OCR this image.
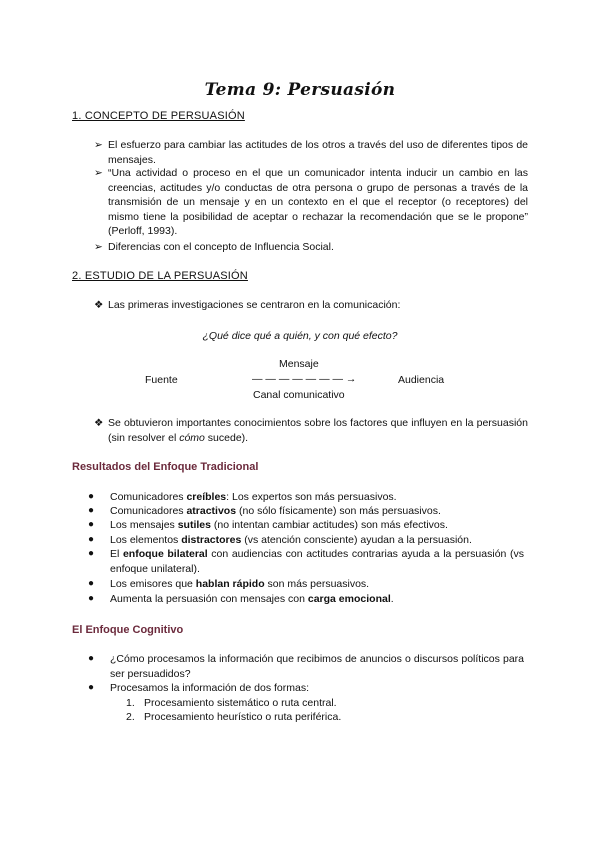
Tema 9: Persuasión
1. CONCEPTO DE PERSUASIÓN
➢ El esfuerzo para cambiar las actitudes de los otros a través del uso de diferentes tipos de mensajes.
➢ “Una actividad o proceso en el que un comunicador intenta inducir un cambio en las creencias, actitudes y/o conductas de otra persona o grupo de personas a través de la transmisión de un mensaje y en un contexto en el que el receptor (o receptores) del mismo tiene la posibilidad de aceptar o rechazar la recomendación que se le propone” (Perloff, 1993).
➢ Diferencias con el concepto de Influencia Social.
2. ESTUDIO DE LA PERSUASIÓN
❖ Las primeras investigaciones se centraron en la comunicación:
¿Qué dice qué a quién, y con qué efecto?
Mensaje
Fuente	— — — — — — — →	Audiencia
Canal comunicativo
❖ Se obtuvieron importantes conocimientos sobre los factores que influyen en la persuasión (sin resolver el cómo sucede).
Resultados del Enfoque Tradicional
●	Comunicadores creíbles: Los expertos son más persuasivos.
●	Comunicadores atractivos (no sólo físicamente) son más persuasivos.
●	Los mensajes sutiles (no intentan cambiar actitudes) son más efectivos.
●	Los elementos distractores (vs atención consciente) ayudan a la persuasión.
●	El enfoque bilateral con audiencias con actitudes contrarias ayuda a la persuasión (vs enfoque unilateral).
●	Los emisores que hablan rápido son más persuasivos.
●	Aumenta la persuasión con mensajes con carga emocional.
El Enfoque Cognitivo
●	¿Cómo procesamos la información que recibimos de anuncios o discursos políticos para ser persuadidos?
●	Procesamos la información de dos formas:
1. Procesamiento sistemático o ruta central.
2. Procesamiento heurístico o ruta periférica.
